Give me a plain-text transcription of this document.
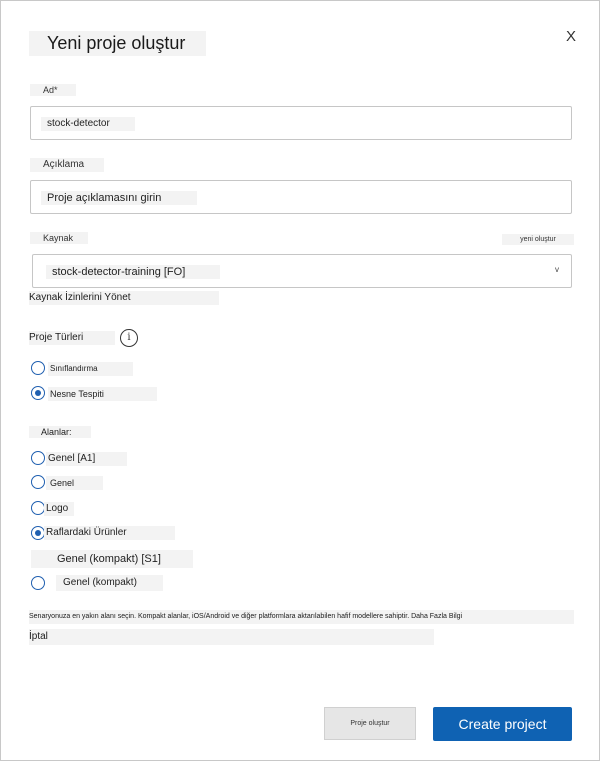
Yeni proje oluştur	X
Ad*
stock-detector
Açıklama
Proje açıklamasını girin
Kaynak	yeni oluştur
stock-detector-training [FO]	v
Kaynak İzinlerini Yönet
Proje Türleri	i
Sınıflandırma
Nesne Tespiti
Alanlar:
Genel [A1]
Genel
Logo
Raflardaki Ürünler
Genel (kompakt) [S1]
Genel (kompakt)
Senaryonuza en yakın alanı seçin. Kompakt alanlar, iOS/Android ve diğer platformlara aktarılabilen hafif modellere sahiptir. Daha Fazla Bilgi
İptal
Proje oluştur	Create project
